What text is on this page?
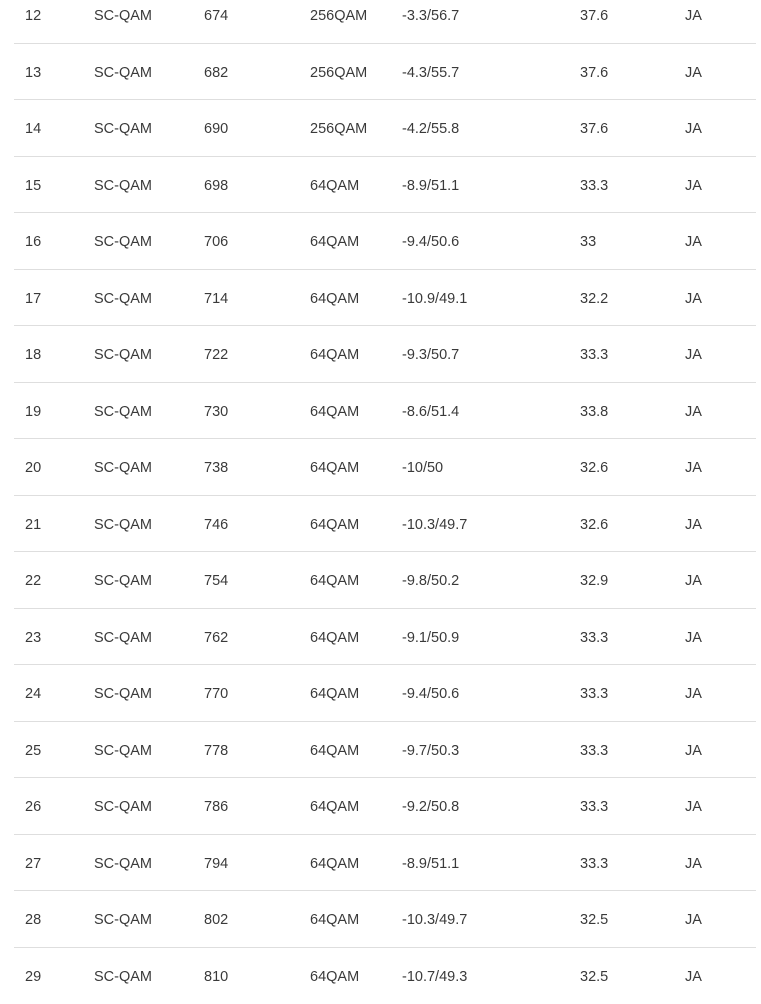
12	SC-QAM	674	256QAM -3.3/56.7	37.6	JA
13	SC-QAM	682	256QAM -4.3/55.7	37.6	JA
14	SC-QAM	690	256QAM -4.2/55.8	37.6	JA
15	SC-QAM	698	64QAM	-8.9/51.1	33.3	JA
16	SC-QAM	706	64QAM	-9.4/50.6	33	JA
17	SC-QAM	714	64QAM	-10.9/49.1	32.2	JA
18	SC-QAM	722	64QAM	-9.3/50.7	33.3	JA
19	SC-QAM	730	64QAM	-8.6/51.4	33.8	JA
20	SC-QAM	738	64QAM	-10/50	32.6	JA
21	SC-QAM	746	64QAM	-10.3/49.7	32.6	JA
22	SC-QAM	754	64QAM	-9.8/50.2	32.9	JA
23	SC-QAM	762	64QAM	-9.1/50.9	33.3	JA
24	SC-QAM	770	64QAM	-9.4/50.6	33.3	JA
25	SC-QAM	778	64QAM	-9.7/50.3	33.3	JA
26	SC-QAM	786	64QAM	-9.2/50.8	33.3	JA
27	SC-QAM	794	64QAM	-8.9/51.1	33.3	JA
28	SC-QAM	802	64QAM	-10.3/49.7	32.5	JA
29	SC-QAM	810	64QAM	-10.7/49.3	32.5	JA
